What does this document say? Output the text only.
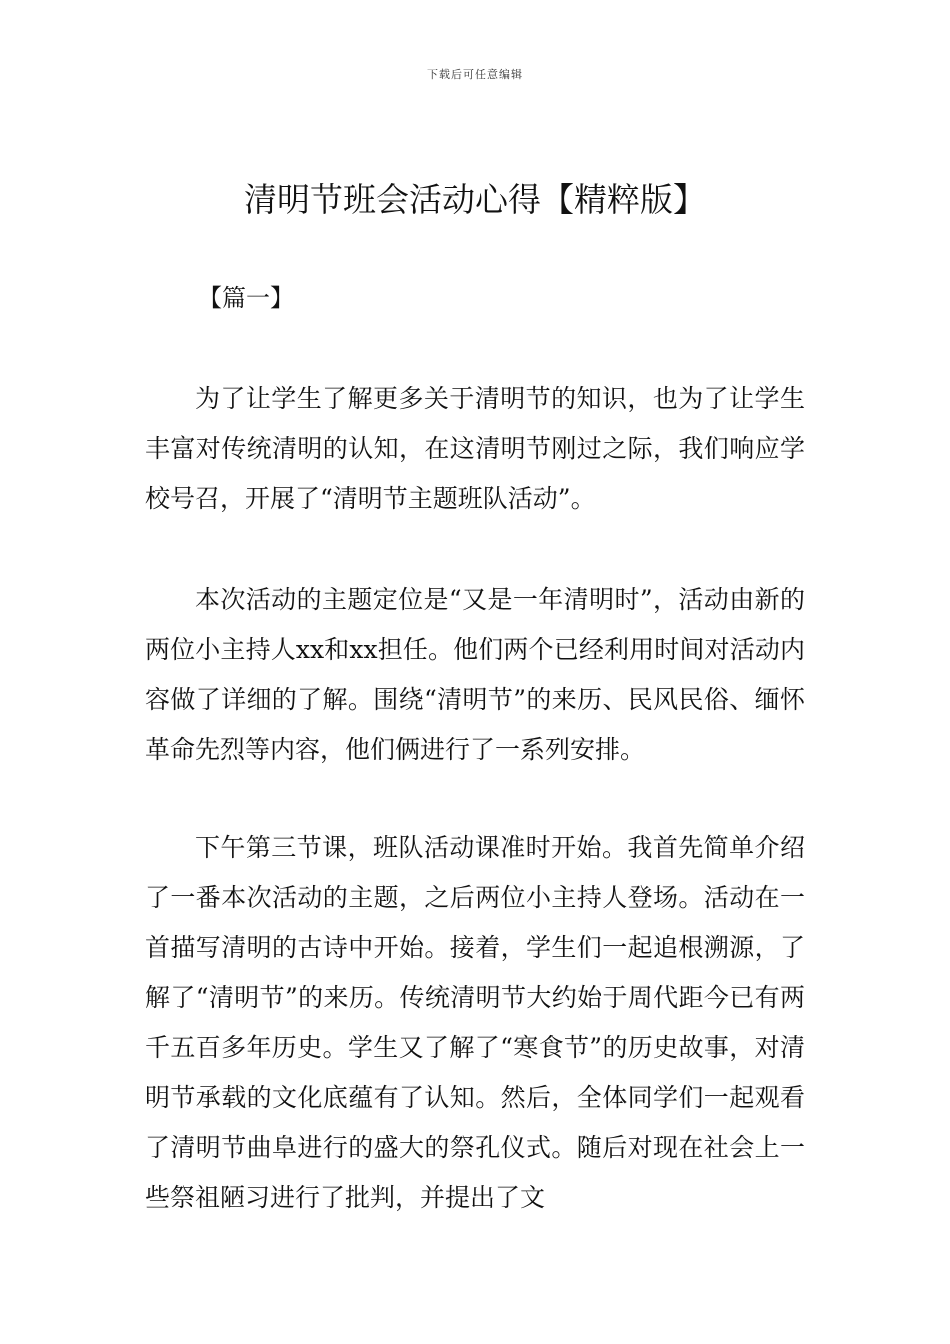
下载后可任意编辑
清明节班会活动心得【精粹版】
【篇一】

为了让学生了解更多关于清明节的知识，也为了让学生丰富对传统清明的认知，在这清明节刚过之际，我们响应学校号召，开展了“清明节主题班队活动”。

本次活动的主题定位是“又是一年清明时”，活动由新的两位小主持人xx和xx担任。他们两个已经利用时间对活动内容做了详细的了解。围绕“清明节”的来历、民风民俗、缅怀革命先烈等内容，他们俩进行了一系列安排。

下午第三节课，班队活动课准时开始。我首先简单介绍了一番本次活动的主题，之后两位小主持人登场。活动在一首描写清明的古诗中开始。接着，学生们一起追根溯源，了解了“清明节”的来历。传统清明节大约始于周代距今已有两千五百多年历史。学生又了解了“寒食节”的历史故事，对清明节承载的文化底蕴有了认知。然后，全体同学们一起观看了清明节曲阜进行的盛大的祭孔仪式。随后对现在社会上一些祭祖陋习进行了批判，并提出了文
